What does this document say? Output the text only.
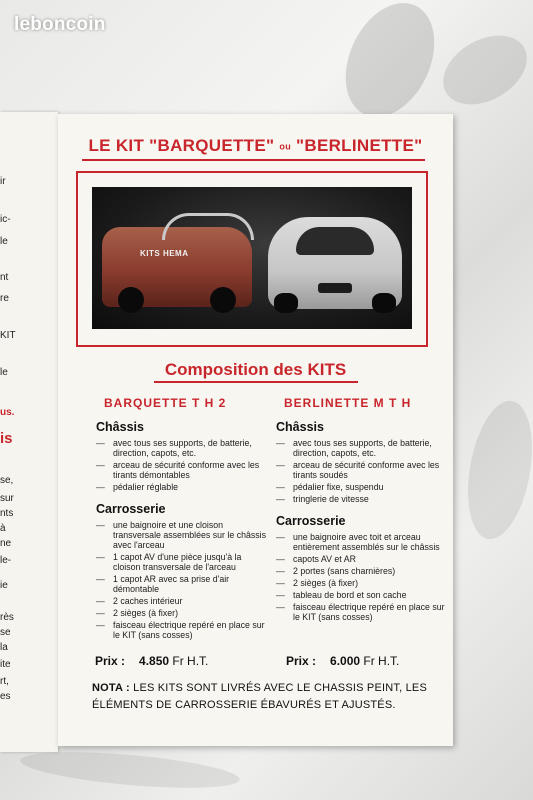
leboncoin
ir
ic-
le
nt
re
KIT
le
us.
is
se,
sur
nts
à
ne
le-
ie
rès
se
la
ite
rt,
es
LE KIT "BARQUETTE" ou "BERLINETTE"
KITS HEMA
Composition des KITS
BARQUETTE T H 2
Châssis
— avec tous ses supports, de batterie, direction, capots, etc.
— arceau de sécurité conforme avec les tirants démontables
— pédalier réglable
Carrosserie
— une baignoire et une cloison transversale assemblées sur le châssis avec l'arceau
— 1 capot AV d'une pièce jusqu'à la cloison transversale de l'arceau
— 1 capot AR avec sa prise d'air démontable
— 2 caches intérieur
— 2 sièges (à fixer)
— faisceau électrique repéré en place sur le KIT (sans cosses)
BERLINETTE M T H
Châssis
— avec tous ses supports, de batterie, direction, capots, etc.
— arceau de sécurité conforme avec les tirants soudés
— pédalier fixe, suspendu
— tringlerie de vitesse
Carrosserie
— une baignoire avec toit et arceau entièrement assemblés sur le châssis
— capots AV et AR
— 2 portes (sans charnières)
— 2 sièges (à fixer)
— tableau de bord et son cache
— faisceau électrique repéré en place sur le KIT (sans cosses)
Prix : 4.850 Fr H.T.	Prix : 6.000 Fr H.T.
NOTA : LES KITS SONT LIVRÉS AVEC LE CHASSIS PEINT, LES ÉLÉMENTS DE CARROSSERIE ÉBAVURÉS ET AJUSTÉS.
